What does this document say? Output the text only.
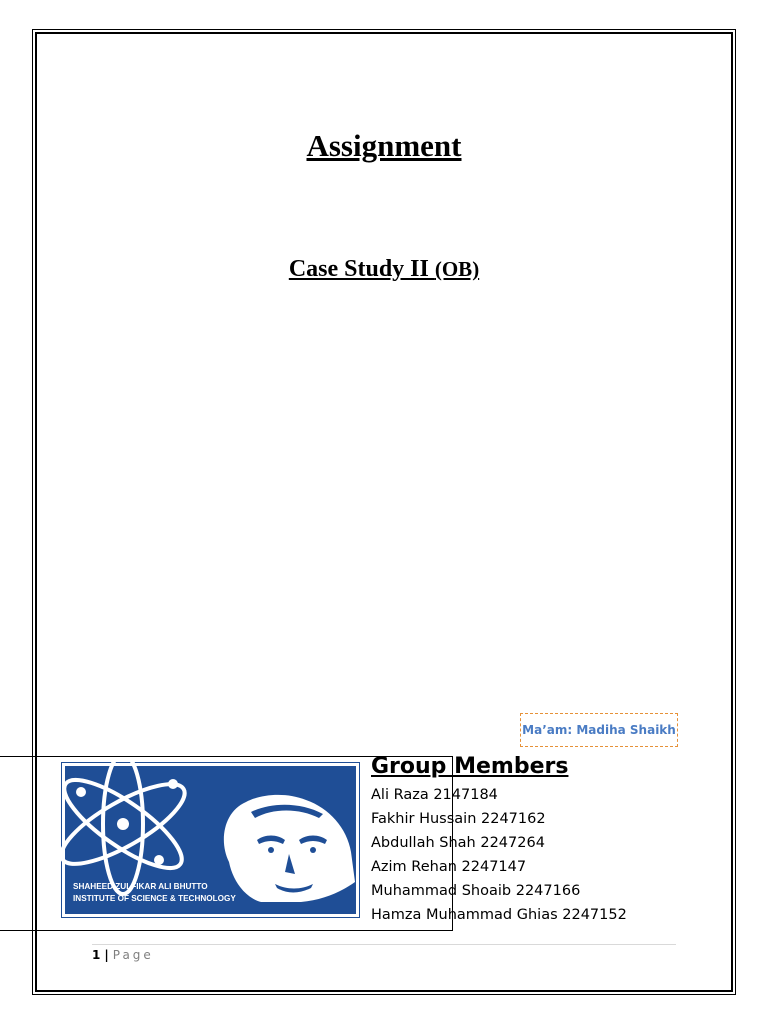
Assignment
Case Study II (OB)
Ma’am: Madiha Shaikh
SHAHEED ZULFIKAR ALI BHUTTO
INSTITUTE OF SCIENCE & TECHNOLOGY
Group Members
Ali Raza 2147184
Fakhir Hussain 2247162
Abdullah Shah 2247264
Azim Rehan 2247147
Muhammad Shoaib 2247166
Hamza Muhammad Ghias 2247152
1 | Page
